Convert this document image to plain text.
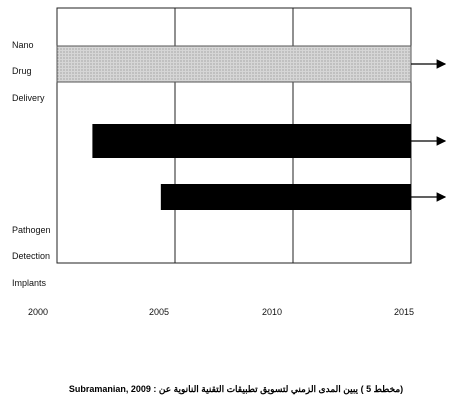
Nano
Drug
Delivery
Pathogen
Detection
Implants
2000	2005	2010	2015
(مخطط 5 ) يبين المدى الزمني لتسويق تطبيقات التقنية النانوية عن : Subramanian, 2009
